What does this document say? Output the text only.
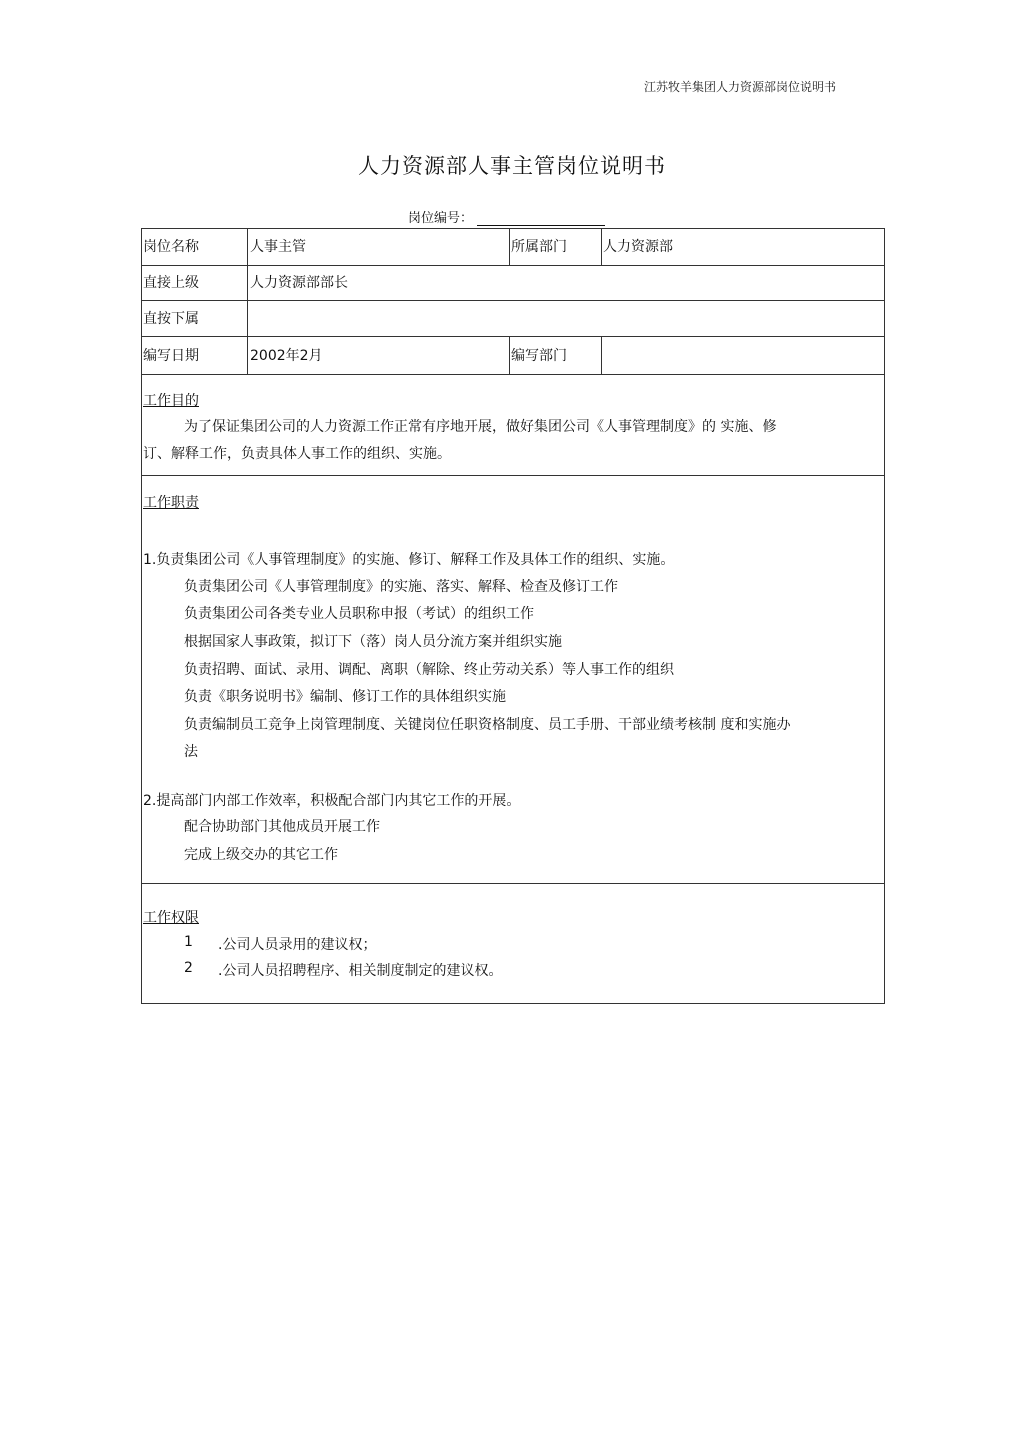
江苏牧羊集团人力资源部岗位说明书
人力资源部人事主管岗位说明书
岗位编号：
岗位名称	人事主管	所属部门	人力资源部
直接上级	人力资源部部长
直按下属
编写日期	2002年2月	编写部门
工作目的
为了保证集团公司的人力资源工作正常有序地开展，做好集团公司《人事管理制度》的 实施、修
订、解释工作，负责具体人事工作的组织、实施。
工作职责
1.负责集团公司《人事管理制度》的实施、修订、解释工作及具体工作的组织、实施。
负责集团公司《人事管理制度》的实施、落实、解释、检查及修订工作
负责集团公司各类专业人员职称申报（考试）的组织工作
根据国家人事政策，拟订下（落）岗人员分流方案并组织实施
负责招聘、面试、录用、调配、离职（解除、终止劳动关系）等人事工作的组织
负责《职务说明书》编制、修订工作的具体组织实施
负责编制员工竞争上岗管理制度、关键岗位任职资格制度、员工手册、干部业绩考核制 度和实施办
法
2.提高部门内部工作效率，积极配合部门内其它工作的开展。
配合协助部门其他成员开展工作
完成上级交办的其它工作
工作权限
1 .公司人员录用的建议权；
2 .公司人员招聘程序、相关制度制定的建议权。
